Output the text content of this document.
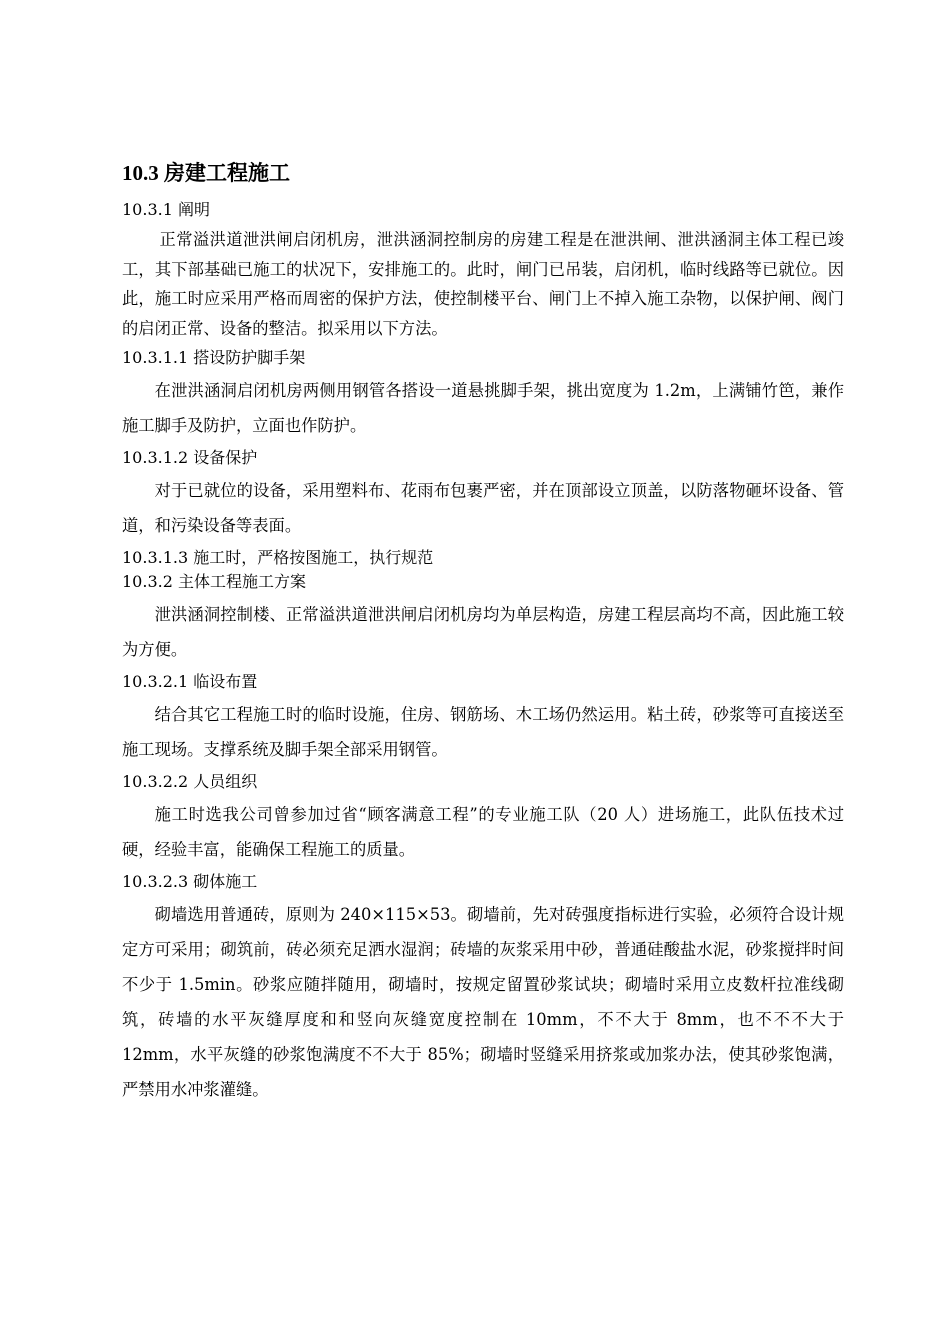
10.3 房建工程施工
10.3.1 阐明

正常溢洪道泄洪闸启闭机房，泄洪涵洞控制房的房建工程是在泄洪闸、泄洪涵洞主体工程已竣工，其下部基础已施工的状况下，安排施工的。此时，闸门已吊装，启闭机，临时线路等已就位。因此，施工时应采用严格而周密的保护方法，使控制楼平台、闸门上不掉入施工杂物，以保护闸、阀门的启闭正常、设备的整洁。拟采用以下方法。

10.3.1.1 搭设防护脚手架

在泄洪涵洞启闭机房两侧用钢管各搭设一道悬挑脚手架，挑出宽度为 1.2m，上满铺竹笆，兼作施工脚手及防护，立面也作防护。

10.3.1.2 设备保护

对于已就位的设备，采用塑料布、花雨布包裹严密，并在顶部设立顶盖，以防落物砸坏设备、管道，和污染设备等表面。

10.3.1.3 施工时，严格按图施工，执行规范
10.3.2 主体工程施工方案

泄洪涵洞控制楼、正常溢洪道泄洪闸启闭机房均为单层构造，房建工程层高均不高，因此施工较为方便。

10.3.2.1 临设布置

结合其它工程施工时的临时设施，住房、钢筋场、木工场仍然运用。粘土砖，砂浆等可直接送至施工现场。支撑系统及脚手架全部采用钢管。

10.3.2.2 人员组织

施工时选我公司曾参加过省“顾客满意工程”的专业施工队（20 人）进场施工，此队伍技术过硬，经验丰富，能确保工程施工的质量。

10.3.2.3 砌体施工

砌墙选用普通砖，原则为 240×115×53。砌墙前，先对砖强度指标进行实验，必须符合设计规定方可采用；砌筑前，砖必须充足洒水湿润；砖墙的灰浆采用中砂，普通硅酸盐水泥，砂浆搅拌时间不少于 1.5min。砂浆应随拌随用，砌墙时，按规定留置砂浆试块；砌墙时采用立皮数杆拉准线砌筑，砖墙的水平灰缝厚度和和竖向灰缝宽度控制在 10mm，不不大于 8mm，也不不不大于 12mm，水平灰缝的砂浆饱满度不不大于 85%；砌墙时竖缝采用挤浆或加浆办法，使其砂浆饱满，严禁用水冲浆灌缝。
